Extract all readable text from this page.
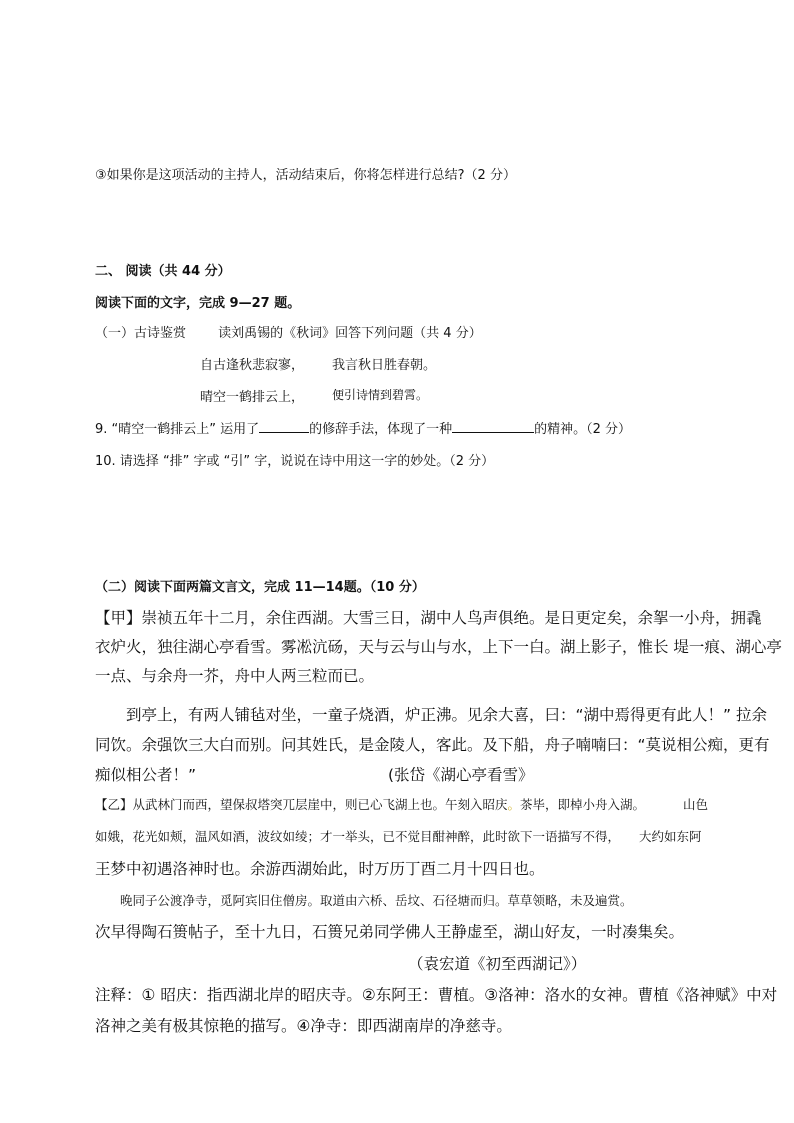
③如果你是这项活动的主持人，活动结束后，你将怎样进行总结?（2 分）
二、 阅读（共 44 分）
阅读下面的文字，完成 9—27 题。
（一）古诗鉴赏 读刘禹锡的《秋词》回答下列问题（共 4 分）
自古逢秋悲寂寥， 我言秋日胜春朝。
晴空一鹤排云上， 便引诗情到碧霄。
9. “晴空一鹤排云上” 运用了	的修辞手法，体现了一种	的精神。（2 分）
10. 请选择 “排” 字或 “引” 字，说说在诗中用这一字的妙处。（2 分）
（二）阅读下面两篇文言文，完成 11—14题。（10 分）
【甲】崇祯五年十二月，余住西湖。大雪三日，湖中人鸟声俱绝。是日更定矣，余挐一小舟，拥毳
衣炉火，独往湖心亭看雪。雾凇沆砀，天与云与山与水，上下一白。湖上影子，惟长 堤一痕、湖心亭
一点、与余舟一芥，舟中人两三粒而已。
到亭上，有两人铺毡对坐，一童子烧酒，炉正沸。见余大喜，曰：“湖中焉得更有此人！” 拉余
同饮。余强饮三大白而别。问其姓氏，是金陵人，客此。及下船，舟子喃喃曰：“莫说相公痴，更有
痴似相公者！”	(张岱《湖心亭看雪》
【乙】从武林门而西，望保叔塔突兀层崖中，则已心飞湖上也。午刻入昭庆。茶毕，即棹小舟入湖。	山色
如娥，花光如颊，温风如酒，波纹如绫；才一举头，已不觉目酣神醉，此时欲下一语描写不得， 大约如东阿
王梦中初遇洛神时也。余游西湖始此，时万历丁酉二月十四日也。
晚同子公渡净寺，觅阿宾旧住僧房。取道由六桥、岳坟、石径塘而归。草草领略，未及遍赏。
次早得陶石篑帖子，至十九日，石篑兄弟同学佛人王静虚至，湖山好友，一时凑集矣。
（袁宏道《初至西湖记》）
注释：① 昭庆：指西湖北岸的昭庆寺。②东阿王：曹植。③洛神：洛水的女神。曹植《洛神赋》中对
洛神之美有极其惊艳的描写。④净寺：即西湖南岸的净慈寺。
